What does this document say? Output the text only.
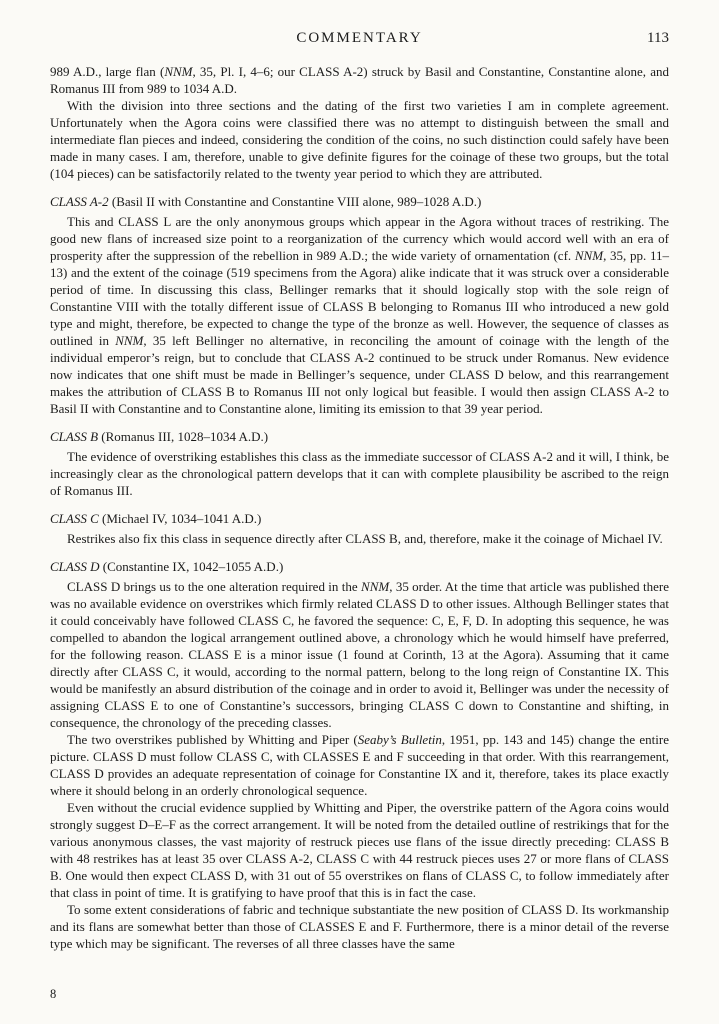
COMMENTARY	113

989 A.D., large flan (NNM, 35, Pl. I, 4–6; our CLASS A-2) struck by Basil and Constantine, Constantine alone, and Romanus III from 989 to 1034 A.D.

With the division into three sections and the dating of the first two varieties I am in complete agreement. Unfortunately when the Agora coins were classified there was no attempt to distinguish between the small and intermediate flan pieces and indeed, considering the condition of the coins, no such distinction could safely have been made in many cases. I am, therefore, unable to give definite figures for the coinage of these two groups, but the total (104 pieces) can be satisfactorily related to the twenty year period to which they are attributed.

CLASS A-2 (Basil II with Constantine and Constantine VIII alone, 989–1028 A.D.)

This and CLASS L are the only anonymous groups which appear in the Agora without traces of restriking. The good new flans of increased size point to a reorganization of the currency which would accord well with an era of prosperity after the suppression of the rebellion in 989 A.D.; the wide variety of ornamentation (cf. NNM, 35, pp. 11–13) and the extent of the coinage (519 specimens from the Agora) alike indicate that it was struck over a considerable period of time. In discussing this class, Bellinger remarks that it should logically stop with the sole reign of Constantine VIII with the totally different issue of CLASS B belonging to Romanus III who introduced a new gold type and might, therefore, be expected to change the type of the bronze as well. However, the sequence of classes as outlined in NNM, 35 left Bellinger no alternative, in reconciling the amount of coinage with the length of the individual emperor’s reign, but to conclude that CLASS A-2 continued to be struck under Romanus. New evidence now indicates that one shift must be made in Bellinger’s sequence, under CLASS D below, and this rearrangement makes the attribution of CLASS B to Romanus III not only logical but feasible. I would then assign CLASS A-2 to Basil II with Constantine and to Constantine alone, limiting its emission to that 39 year period.

CLASS B (Romanus III, 1028–1034 A.D.)

The evidence of overstriking establishes this class as the immediate successor of CLASS A-2 and it will, I think, be increasingly clear as the chronological pattern develops that it can with complete plausibility be ascribed to the reign of Romanus III.

CLASS C (Michael IV, 1034–1041 A.D.)

Restrikes also fix this class in sequence directly after CLASS B, and, therefore, make it the coinage of Michael IV.

CLASS D (Constantine IX, 1042–1055 A.D.)

CLASS D brings us to the one alteration required in the NNM, 35 order. At the time that article was published there was no available evidence on overstrikes which firmly related CLASS D to other issues. Although Bellinger states that it could conceivably have followed CLASS C, he favored the sequence: C, E, F, D. In adopting this sequence, he was compelled to abandon the logical arrangement outlined above, a chronology which he would himself have preferred, for the following reason. CLASS E is a minor issue (1 found at Corinth, 13 at the Agora). Assuming that it came directly after CLASS C, it would, according to the normal pattern, belong to the long reign of Constantine IX. This would be manifestly an absurd distribution of the coinage and in order to avoid it, Bellinger was under the necessity of assigning CLASS E to one of Constantine’s successors, bringing CLASS C down to Constantine and shifting, in consequence, the chronology of the preceding classes.

The two overstrikes published by Whitting and Piper (Seaby’s Bulletin, 1951, pp. 143 and 145) change the entire picture. CLASS D must follow CLASS C, with CLASSES E and F succeeding in that order. With this rearrangement, CLASS D provides an adequate representation of coinage for Constantine IX and it, therefore, takes its place exactly where it should belong in an orderly chronological sequence.

Even without the crucial evidence supplied by Whitting and Piper, the overstrike pattern of the Agora coins would strongly suggest D–E–F as the correct arrangement. It will be noted from the detailed outline of restrikings that for the various anonymous classes, the vast majority of restruck pieces use flans of the issue directly preceding: CLASS B with 48 restrikes has at least 35 over CLASS A-2, CLASS C with 44 restruck pieces uses 27 or more flans of CLASS B. One would then expect CLASS D, with 31 out of 55 overstrikes on flans of CLASS C, to follow immediately after that class in point of time. It is gratifying to have proof that this is in fact the case.

To some extent considerations of fabric and technique substantiate the new position of CLASS D. Its workmanship and its flans are somewhat better than those of CLASSES E and F. Furthermore, there is a minor detail of the reverse type which may be significant. The reverses of all three classes have the same

8
